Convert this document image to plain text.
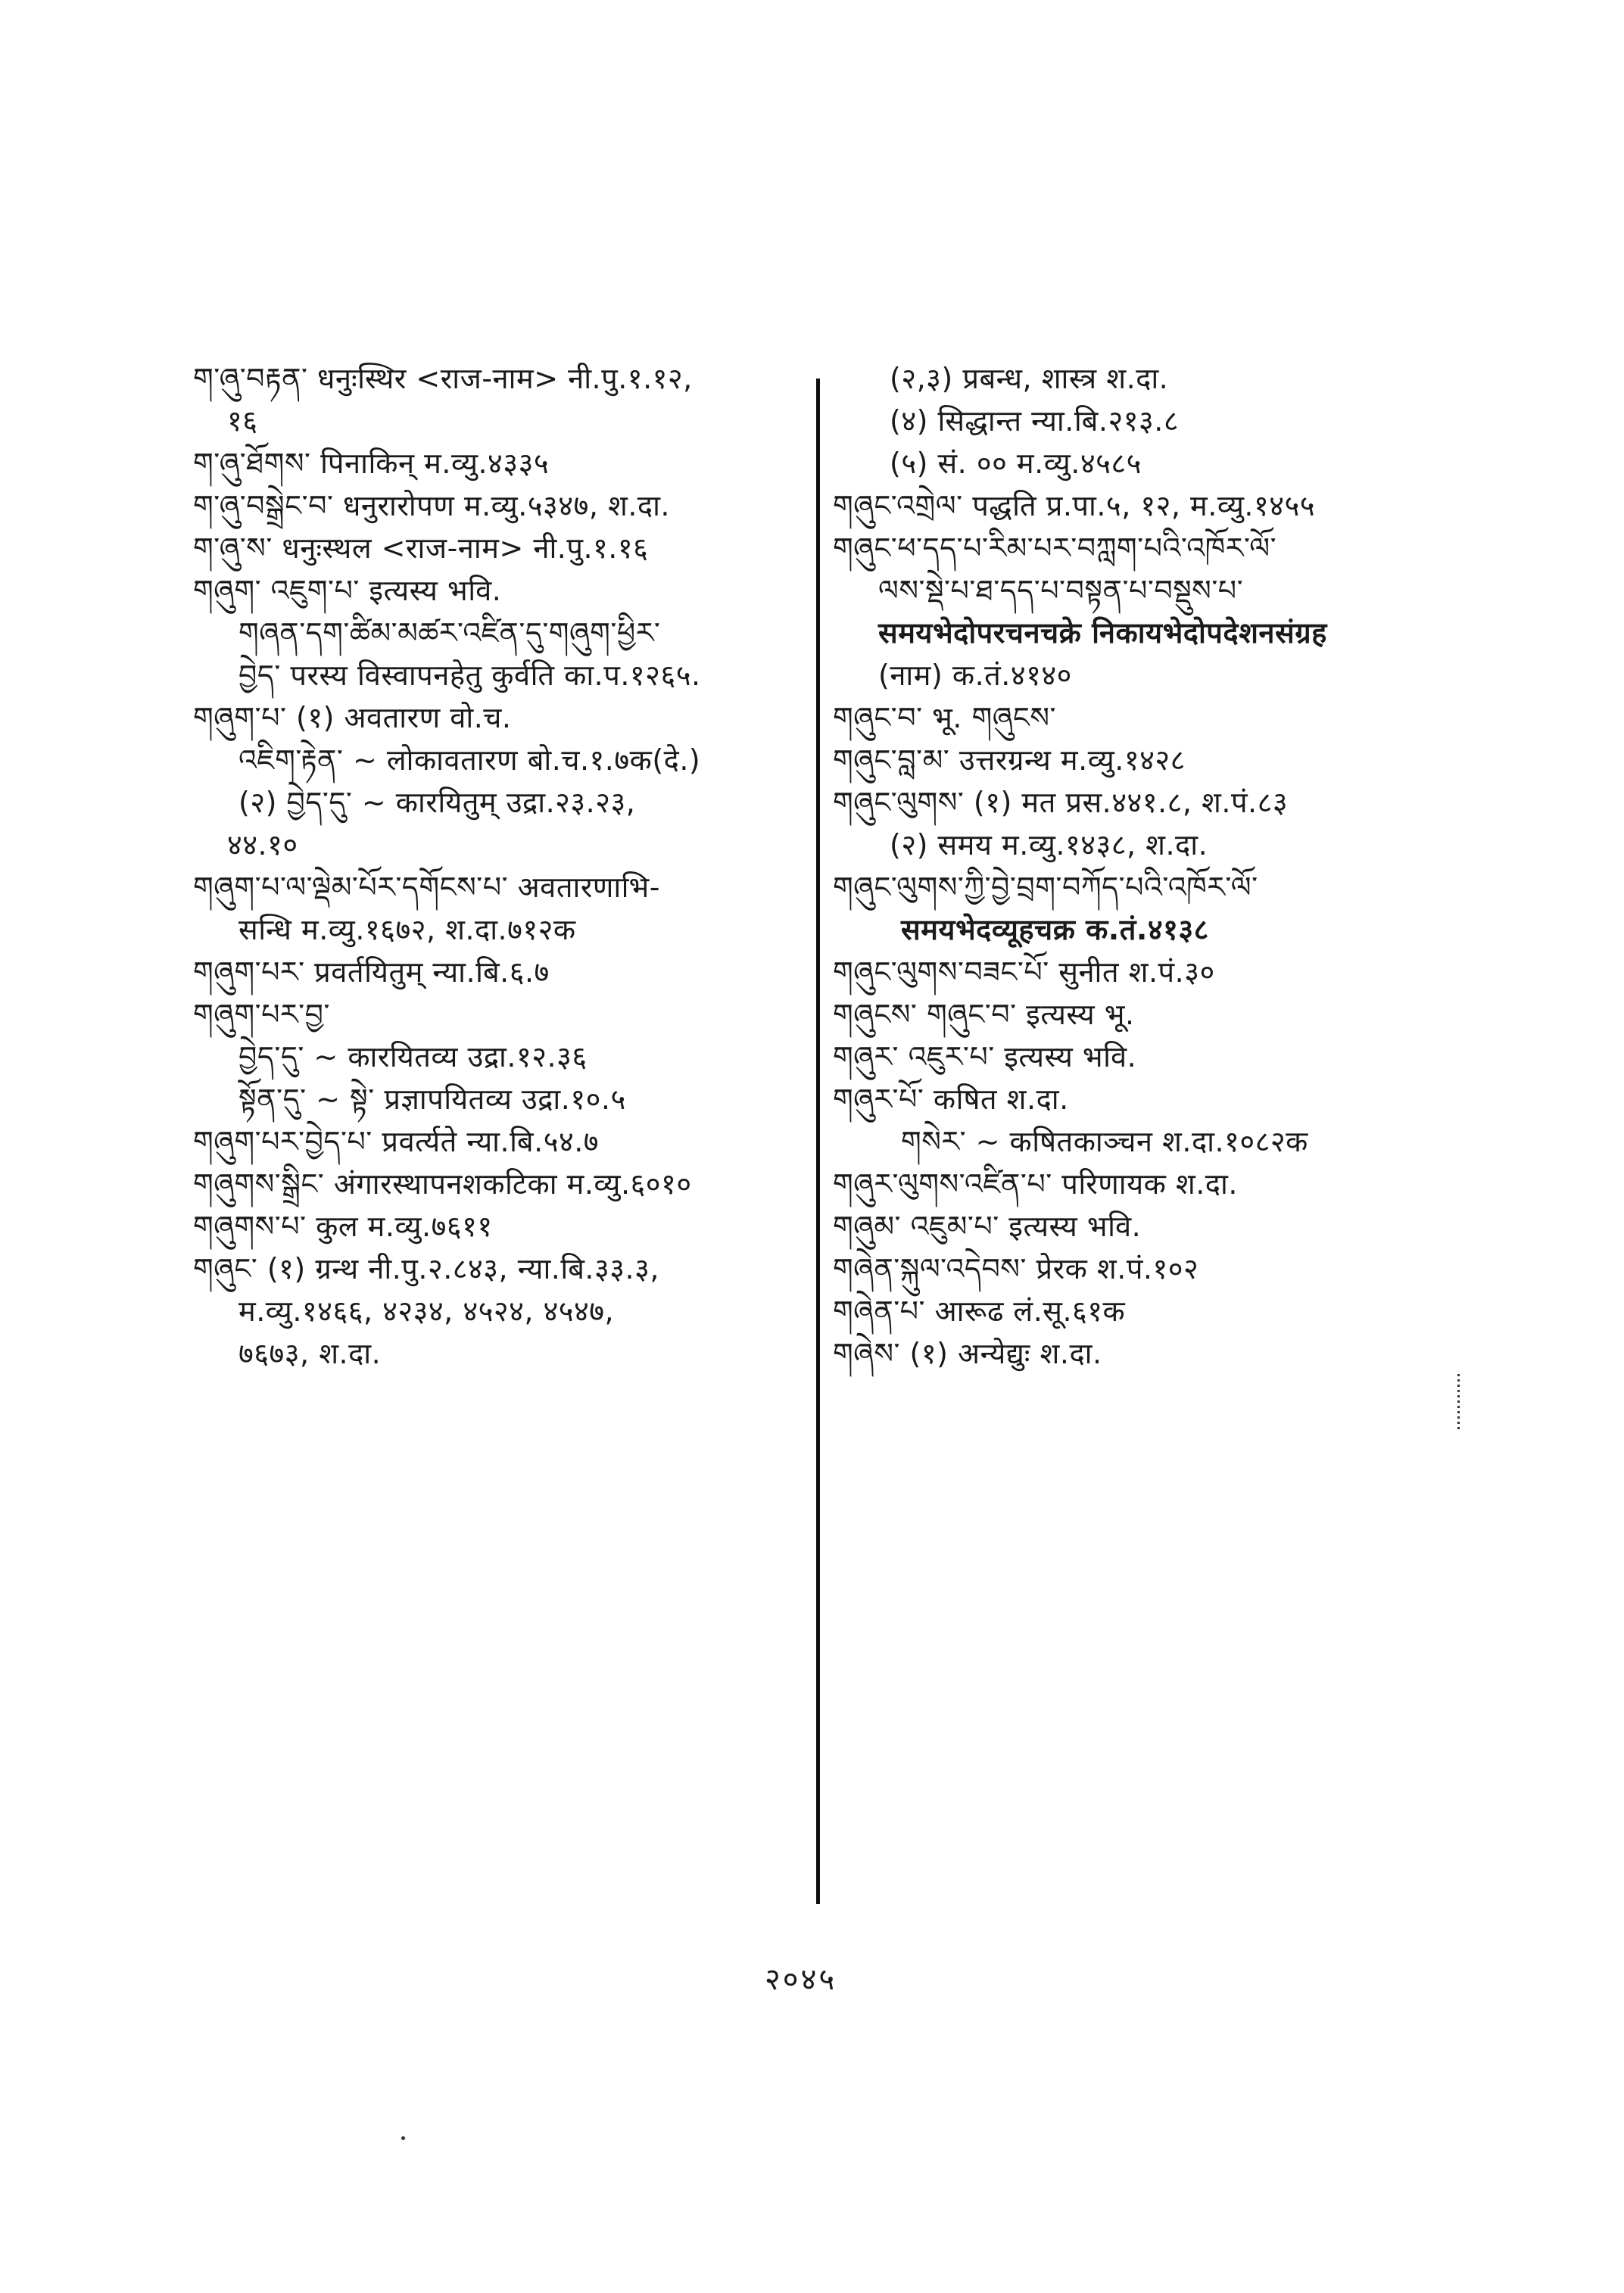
ག་ཞུ་བརྟན་ धनुःस्थिर <राज-नाम> नी.पु.१.१२,
१६
ག་ཞུ་ཐོགས་ पिनाकिन् म.व्यु.४३३५
ག་ཞུ་བསྒྲེང་བ་ धनुरारोपण म.व्यु.५३४७, श.दा.
ག་ཞུ་ས་ धनुःस्थल <राज-नाम> नी.पु.१.१६
གཞུག་ འཇུག་པ་ इत्यस्य भवि.
གཞན་དག་ཚིམ་མཚར་འཛིན་དུ་གཞུག་ཕྱིར་
བྱེད་ परस्य विस्वापनहेतु कुर्वति का.प.१२६५.
གཞུག་པ་ (१) अवतारण वो.च.
འཇིག་རྟེན་ ~ लोकावतारण बो.च.१.७क(दे.)
(२) བྱེད་དུ་ ~ कारयितुम् उद्रा.२३.२३,
४४.१०
གཞུག་པ་ལ་ལྡེམ་པོར་དགོངས་པ་ अवतारणाभि-
सन्धि म.व्यु.१६७२, श.दा.७१२क
གཞུག་པར་ प्रवर्तयितुम् न्या.बि.६.७
གཞུག་པར་བྱ་
བྱེད་དུ་ ~ कारयितव्य उद्रा.१२.३६
སྟོན་དུ་ ~ སྟེ་ प्रज्ञापयितव्य उद्रा.१०.५
གཞུག་པར་བྱེད་པ་ प्रवर्त्यते न्या.बि.५४.७
གཞུགས་སྒྲིང་ अंगारस्थापनशकटिका म.व्यु.६०१०
གཞུགས་པ་ कुल म.व्यु.७६११
གཞུང་ (१) ग्रन्थ नी.पु.२.८४३, न्या.बि.३३.३,
म.व्यु.१४६६, ४२३४, ४५२४, ४५४७,
७६७३, श.दा.
(२,३) प्रबन्ध, शास्त्र श.दा.
(४) सिद्धान्त न्या.बि.२१३.८
(५) सं. ०० म.व्यु.४५८५
གཞུང་འགྲེལ་ पद्धति प्र.पा.५, १२, म.व्यु.१४५५
གཞུང་ཕ་དད་པ་རིམ་པར་བཀླག་པའི་འཁོར་ལོ་
ལས་སྡེ་པ་ཐ་དད་པ་བསྟན་པ་བསྡུས་པ་
समयभेदोपरचनचक्रे निकायभेदोपदेशनसंग्रह
(नाम) क.तं.४१४०
གཞུང་བ་ भू. གཞུངས་
གཞུང་བླ་མ་ उत्तरग्रन्थ म.व्यु.१४२८
གཞུང་ལུགས་ (१) मत प्रस.४४१.८, श.पं.८३
(२) समय म.व्यु.१४३८, श.दा.
གཞུང་ལུགས་ཀྱི་བྱེ་བྲག་བཀོད་པའི་འཁོར་ལོ་
समयभेदव्यूहचक्र क.तं.४१३८
གཞུང་ལུགས་བཟང་པོ་ सुनीत श.पं.३०
གཞུངས་ གཞུང་བ་ इत्यस्य भू.
གཞུར་ འཇུར་པ་ इत्यस्य भवि.
གཞུར་པོ་ कषित श.दा.
གསེར་ ~ कषितकाञ्चन श.दा.१०८२क
གཞུར་ལུགས་འཛིན་པ་ परिणायक श.दा.
གཞུམ་ འཇུམ་པ་ इत्यस्य भवि.
གཞེན་སྐུལ་འདེབས་ प्रेरक श.पं.१०२
གཞེན་པ་ आरूढ लं.सू.६१क
གཞེས་ (१) अन्येद्युः श.दा.
२०४५
